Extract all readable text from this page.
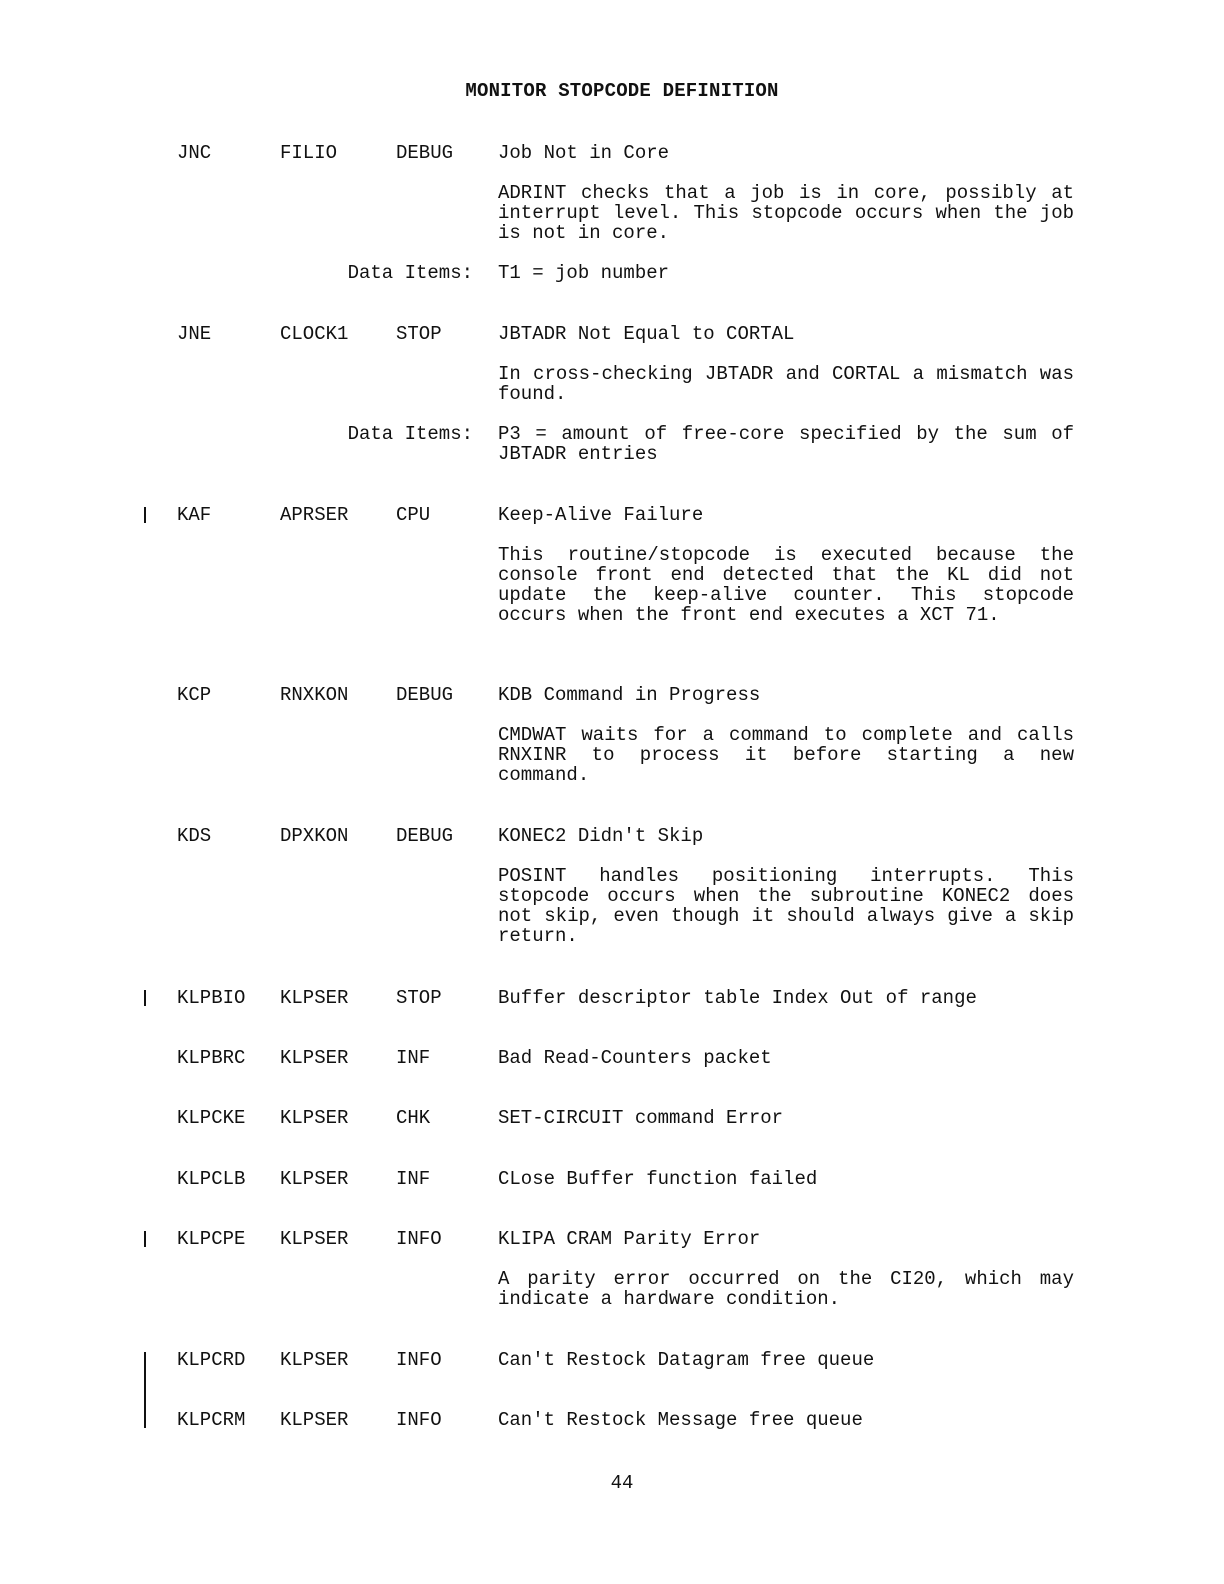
MONITOR STOPCODE DEFINITION
JNC	FILIO	DEBUG Job Not in Core
ADRINT checks that a job is in core, possibly at interrupt level. This stopcode occurs when the job is not in core.
Data Items: T1 = job number
JNE	CLOCK1	STOP	JBTADR Not Equal to CORTAL
In cross-checking JBTADR and CORTAL a mismatch was found.
Data Items: P3 = amount of free-core specified by the sum of JBTADR entries
KAF	APRSER	CPU	Keep-Alive Failure
This routine/stopcode is executed because the console front end detected that the KL did not update the keep-alive counter. This stopcode occurs when the front end executes a XCT 71.
KCP	RNXKON	DEBUG KDB Command in Progress
CMDWAT waits for a command to complete and calls RNXINR to process it before starting a new command.
KDS	DPXKON	DEBUG KONEC2 Didn't Skip
POSINT handles positioning interrupts. This stopcode occurs when the subroutine KONEC2 does not skip, even though it should always give a skip return.
KLPBIO KLPSER	STOP	Buffer descriptor table Index Out of range
KLPBRC KLPSER	INF	Bad Read-Counters packet
KLPCKE KLPSER	CHK	SET-CIRCUIT command Error
KLPCLB KLPSER	INF	CLose Buffer function failed
KLPCPE KLPSER	INFO	KLIPA CRAM Parity Error
A parity error occurred on the CI20, which may indicate a hardware condition.
KLPCRD KLPSER	INFO	Can't Restock Datagram free queue
KLPCRM KLPSER	INFO	Can't Restock Message free queue
44
